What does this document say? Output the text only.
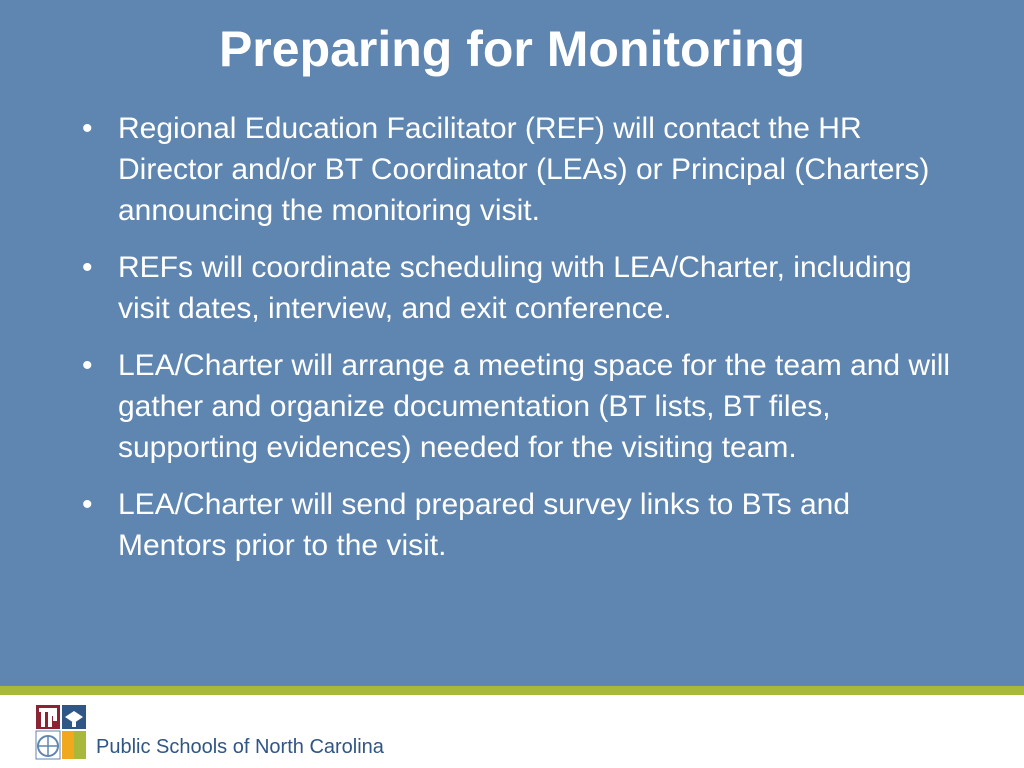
Preparing for Monitoring
• Regional Education Facilitator (REF) will contact the HR Director and/or BT Coordinator (LEAs) or Principal (Charters) announcing the monitoring visit.
• REFs will coordinate scheduling with LEA/Charter, including visit dates, interview, and exit conference.
• LEA/Charter will arrange a meeting space for the team and will gather and organize documentation (BT lists, BT files, supporting evidences) needed for the visiting team.
• LEA/Charter will send prepared survey links to BTs and Mentors prior to the visit.
Public Schools of North Carolina
